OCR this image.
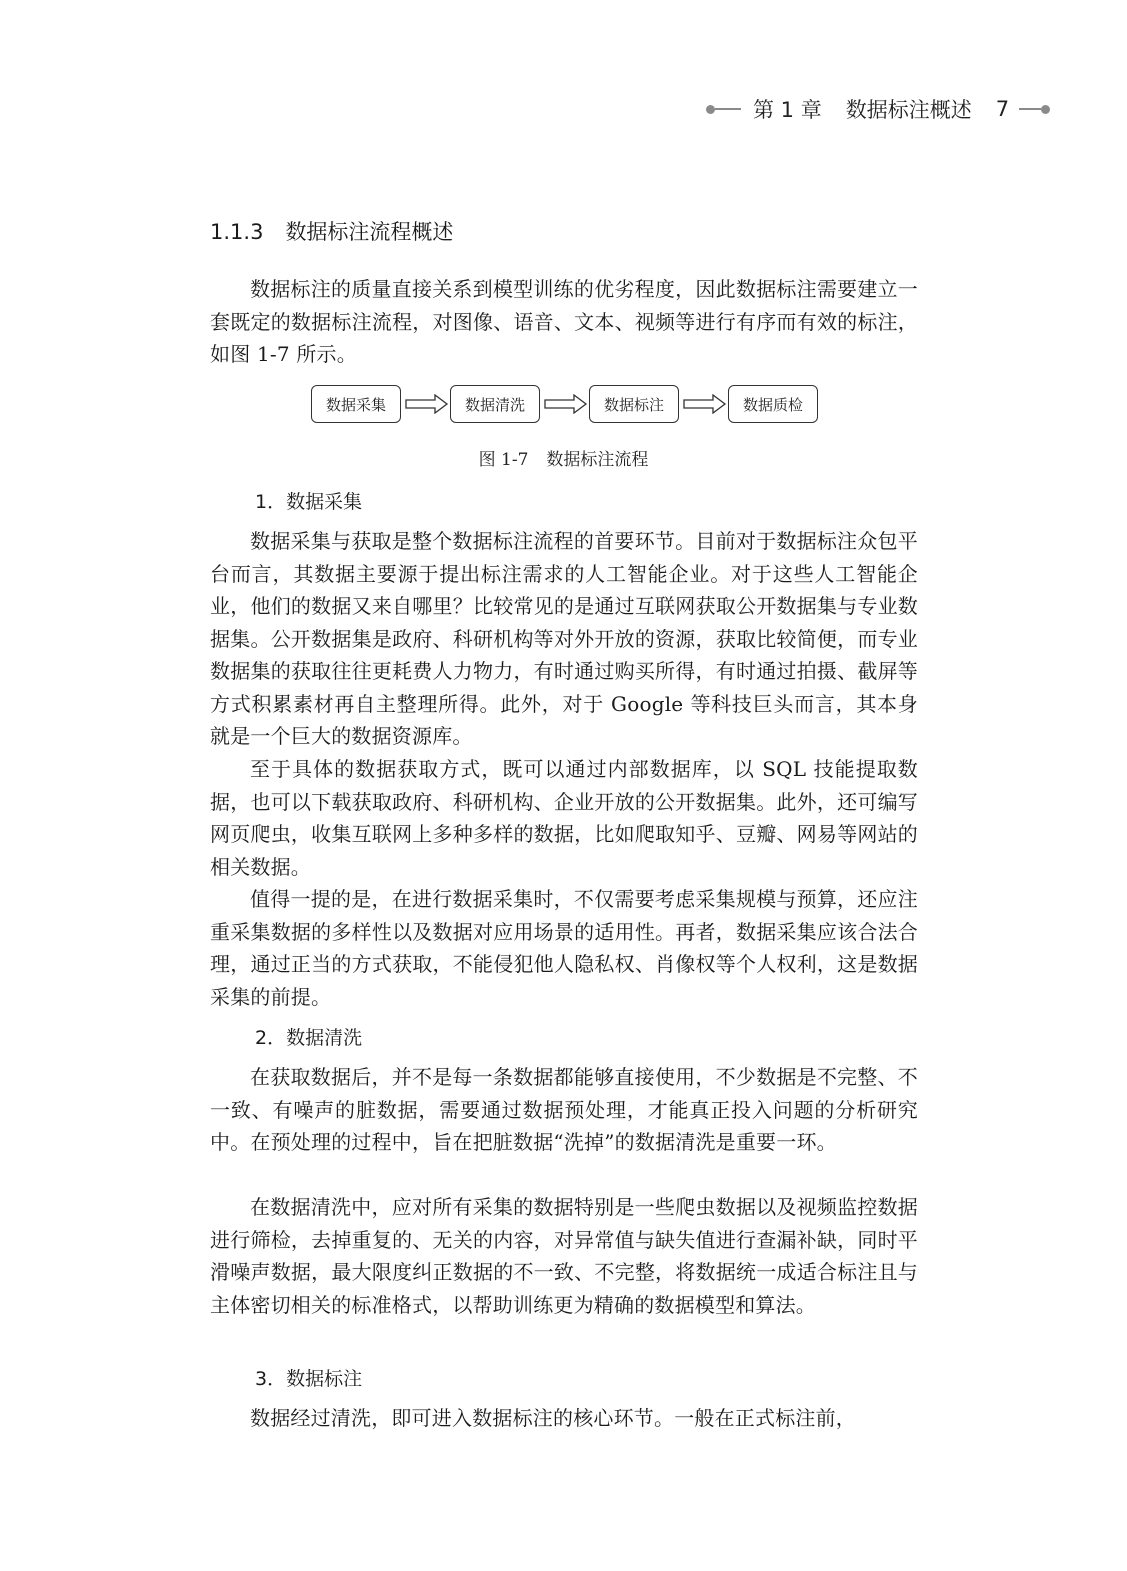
第 1 章 数据标注概述 7
1.1.3 数据标注流程概述

数据标注的质量直接关系到模型训练的优劣程度，因此数据标注需要建立一套既定的数据标注流程，对图像、语音、文本、视频等进行有序而有效的标注，如图 1-7 所示。

数据采集	数据清洗	数据标注	数据质检
图 1-7 数据标注流程
1．数据采集

数据采集与获取是整个数据标注流程的首要环节。目前对于数据标注众包平台而言，其数据主要源于提出标注需求的人工智能企业。对于这些人工智能企业，他们的数据又来自哪里？比较常见的是通过互联网获取公开数据集与专业数据集。公开数据集是政府、科研机构等对外开放的资源，获取比较简便，而专业数据集的获取往往更耗费人力物力，有时通过购买所得，有时通过拍摄、截屏等方式积累素材再自主整理所得。此外，对于 Google 等科技巨头而言，其本身就是一个巨大的数据资源库。

至于具体的数据获取方式，既可以通过内部数据库，以 SQL 技能提取数据，也可以下载获取政府、科研机构、企业开放的公开数据集。此外，还可编写网页爬虫，收集互联网上多种多样的数据，比如爬取知乎、豆瓣、网易等网站的相关数据。

值得一提的是，在进行数据采集时，不仅需要考虑采集规模与预算，还应注重采集数据的多样性以及数据对应用场景的适用性。再者，数据采集应该合法合理，通过正当的方式获取，不能侵犯他人隐私权、肖像权等个人权利，这是数据采集的前提。

2．数据清洗

在获取数据后，并不是每一条数据都能够直接使用，不少数据是不完整、不一致、有噪声的脏数据，需要通过数据预处理，才能真正投入问题的分析研究中。在预处理的过程中，旨在把脏数据“洗掉”的数据清洗是重要一环。

在数据清洗中，应对所有采集的数据特别是一些爬虫数据以及视频监控数据进行筛检，去掉重复的、无关的内容，对异常值与缺失值进行查漏补缺，同时平滑噪声数据，最大限度纠正数据的不一致、不完整，将数据统一成适合标注且与主体密切相关的标准格式，以帮助训练更为精确的数据模型和算法。

3．数据标注

数据经过清洗，即可进入数据标注的核心环节。一般在正式标注前，
